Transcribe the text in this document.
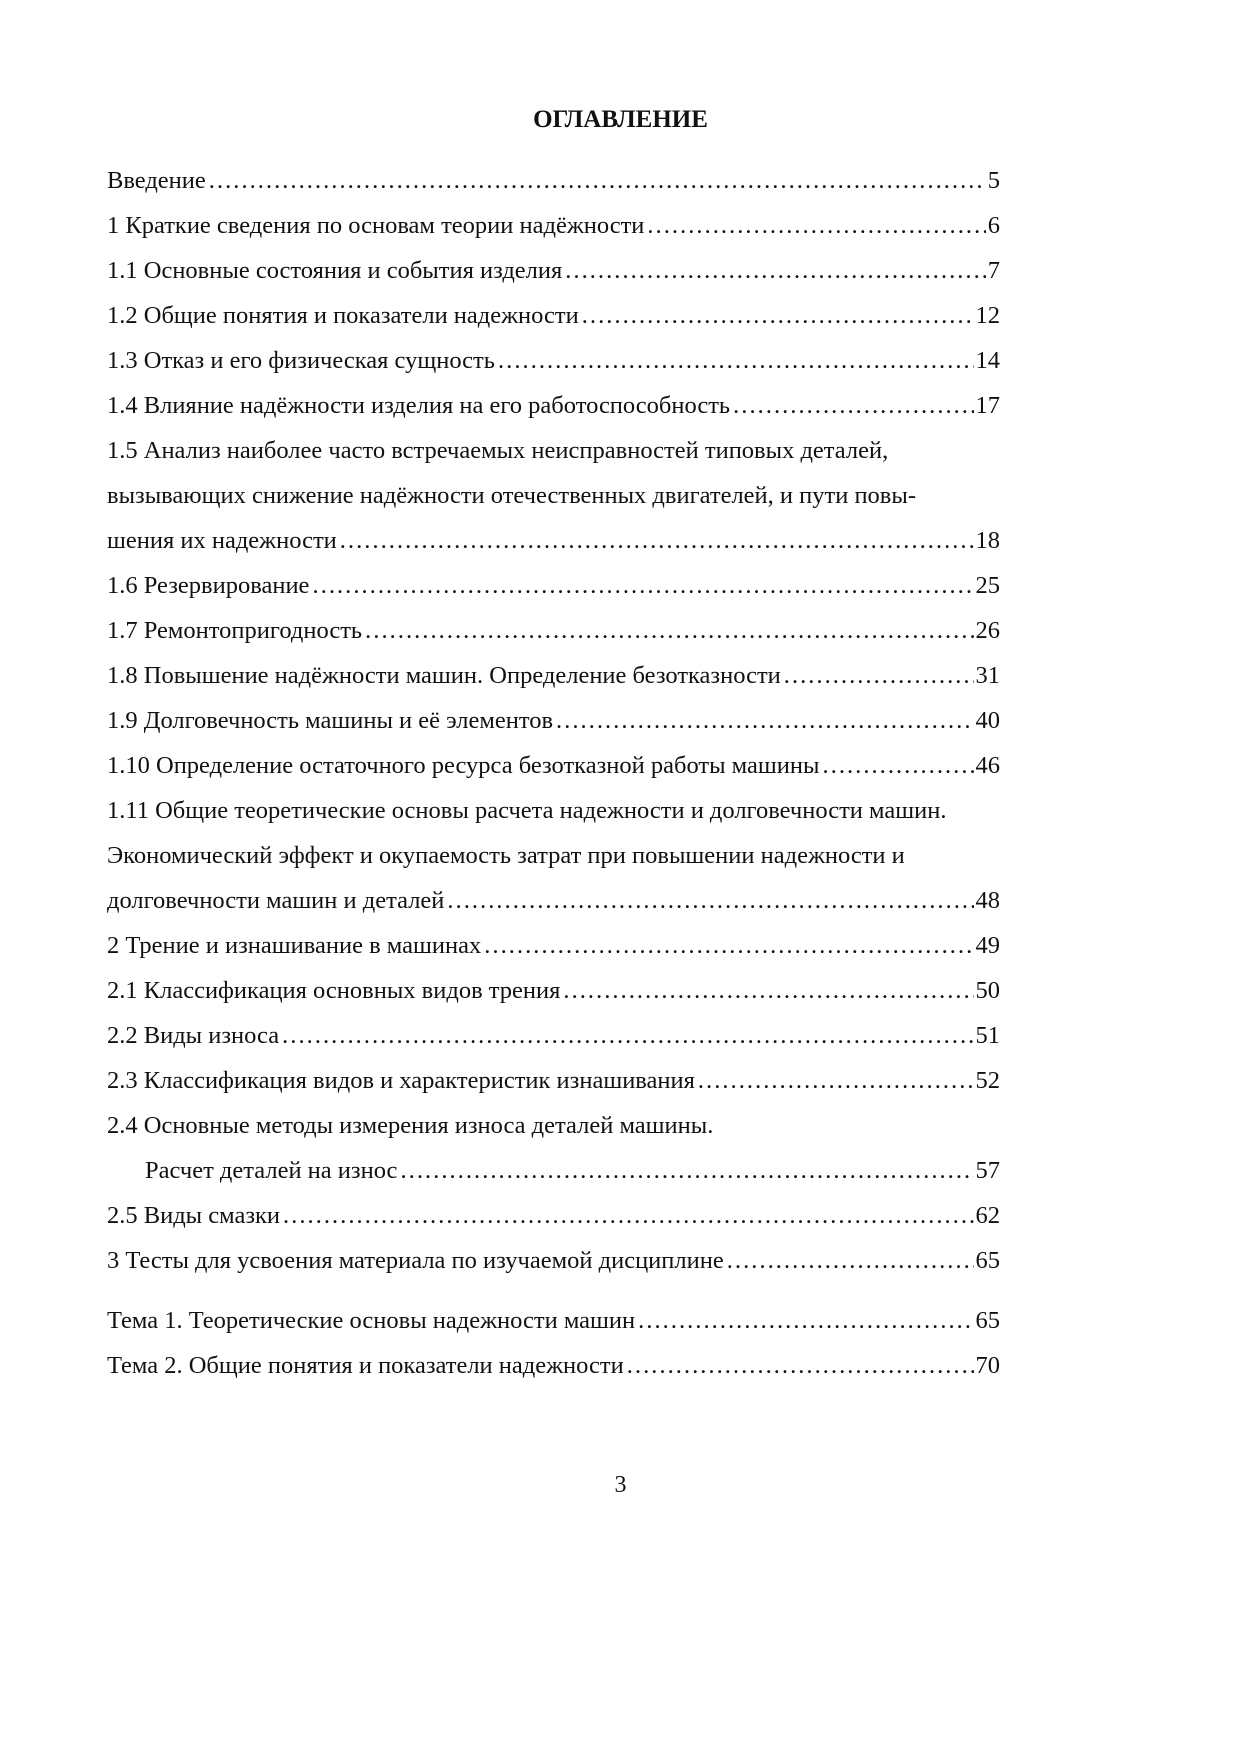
ОГЛАВЛЕНИЕ
Введение ……………………………………………………………………………………………………………………………………	5
1 Краткие сведения по основам теории надёжности ……………………………………………………………………………………………………………………………………	6
1.1 Основные состояния и события изделия ……………………………………………………………………………………………………………………………………	7
1.2 Общие понятия и показатели надежности ……………………………………………………………………………………………………………………………………	12
1.3 Отказ и его физическая сущность ……………………………………………………………………………………………………………………………………	14
1.4 Влияние надёжности изделия на его работоспособность ……………………………………………………………………………………………………………………………………	17
1.5 Анализ наиболее часто встречаемых неисправностей типовых деталей,
вызывающих снижение надёжности отечественных двигателей, и пути повы-
шения их надежности ……………………………………………………………………………………………………………………………………	18
1.6 Резервирование ……………………………………………………………………………………………………………………………………	25
1.7 Ремонтопригодность ……………………………………………………………………………………………………………………………………	26
1.8 Повышение надёжности машин. Определение безотказности ……………………………………………………………………………………………………………………………………	31
1.9 Долговечность машины и её элементов ……………………………………………………………………………………………………………………………………	40
1.10 Определение остаточного ресурса безотказной работы машины ……………………………………………………………………………………………………………………………………	46
1.11 Общие теоретические основы расчета надежности и долговечности машин.
Экономический эффект и окупаемость затрат при повышении надежности и
долговечности машин и деталей ……………………………………………………………………………………………………………………………………	48
2 Трение и изнашивание в машинах ……………………………………………………………………………………………………………………………………	49
2.1 Классификация основных видов трения ……………………………………………………………………………………………………………………………………	50
2.2 Виды износа ……………………………………………………………………………………………………………………………………	51
2.3 Классификация видов и характеристик изнашивания ……………………………………………………………………………………………………………………………………	52
2.4 Основные методы измерения износа деталей машины.
Расчет деталей на износ ……………………………………………………………………………………………………………………………………	57
2.5 Виды смазки ……………………………………………………………………………………………………………………………………	62
3 Тесты для усвоения материала по изучаемой дисциплине ……………………………………………………………………………………………………………………………………	65
Тема 1. Теоретические основы надежности машин ……………………………………………………………………………………………………………………………………	65
Тема 2. Общие понятия и показатели надежности ……………………………………………………………………………………………………………………………………	70
3
